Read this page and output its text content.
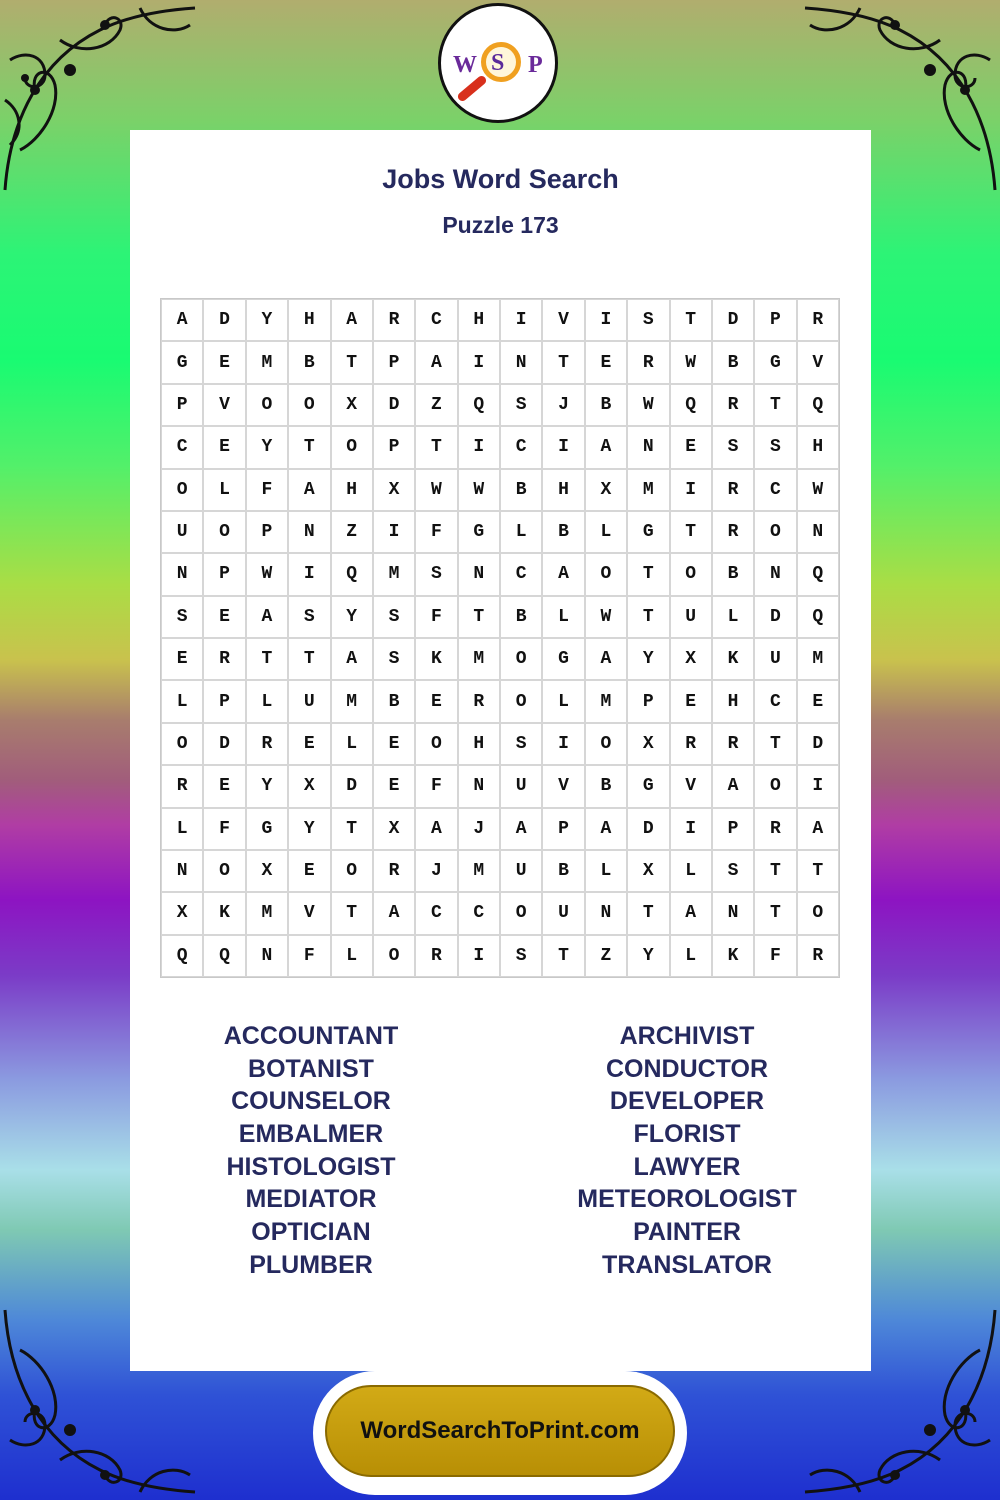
W S P
Jobs Word Search
Puzzle 173
A	D	Y	H	A	R	C	H	I	V	I	S	T	D	P	R
G	E	M	B	T	P	A	I	N	T	E	R	W	B	G	V
P	V	O	O	X	D	Z	Q	S	J	B	W	Q	R	T	Q
C	E	Y	T	O	P	T	I	C	I	A	N	E	S	S	H
O	L	F	A	H	X	W	W	B	H	X	M	I	R	C	W
U	O	P	N	Z	I	F	G	L	B	L	G	T	R	O	N
N	P	W	I	Q	M	S	N	C	A	O	T	O	B	N	Q
S	E	A	S	Y	S	F	T	B	L	W	T	U	L	D	Q
E	R	T	T	A	S	K	M	O	G	A	Y	X	K	U	M
L	P	L	U	M	B	E	R	O	L	M	P	E	H	C	E
O	D	R	E	L	E	O	H	S	I	O	X	R	R	T	D
R	E	Y	X	D	E	F	N	U	V	B	G	V	A	O	I
L	F	G	Y	T	X	A	J	A	P	A	D	I	P	R	A
N	O	X	E	O	R	J	M	U	B	L	X	L	S	T	T
X	K	M	V	T	A	C	C	O	U	N	T	A	N	T	O
Q	Q	N	F	L	O	R	I	S	T	Z	Y	L	K	F	R
ACCOUNTANT
BOTANIST
COUNSELOR
EMBALMER
HISTOLOGIST
MEDIATOR
OPTICIAN
PLUMBER
ARCHIVIST
CONDUCTOR
DEVELOPER
FLORIST
LAWYER
METEOROLOGIST
PAINTER
TRANSLATOR
WordSearchToPrint.com
